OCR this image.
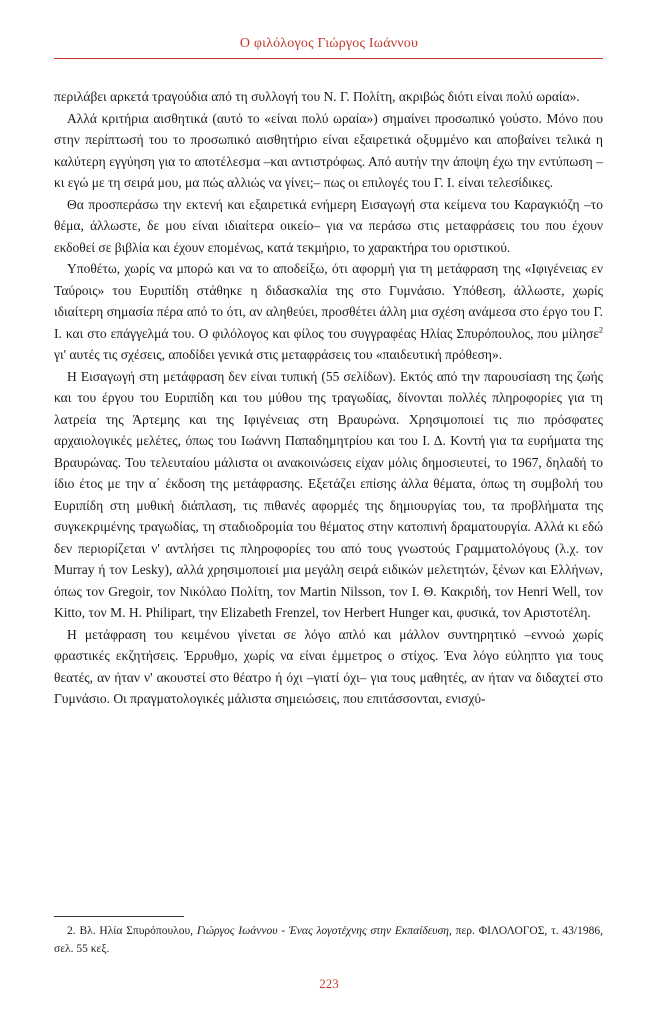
Ο φιλόλογος Γιώργος Ιωάννου

περιλάβει αρκετά τραγούδια από τη συλλογή του Ν. Γ. Πολίτη, ακριβώς διότι είναι πολύ ωραία».

Αλλά κριτήρια αισθητικά (αυτό το «είναι πολύ ωραία») σημαίνει προσωπικό γούστο. Μόνο που στην περίπτωσή του το προσωπικό αισθητήριο είναι εξαιρετικά οξυμμένο και αποβαίνει τελικά η καλύτερη εγγύηση για το αποτέλεσμα –και αντιστρόφως. Από αυτήν την άποψη έχω την εντύπωση –κι εγώ με τη σειρά μου, μα πώς αλλιώς να γίνει;– πως οι επιλογές του Γ. Ι. είναι τελεσίδικες.

Θα προσπεράσω την εκτενή και εξαιρετικά ενήμερη Εισαγωγή στα κείμενα του Καραγκιόζη –το θέμα, άλλωστε, δε μου είναι ιδιαίτερα οικείο– για να περάσω στις μεταφράσεις του που έχουν εκδοθεί σε βιβλία και έχουν επομένως, κατά τεκμήριο, το χαρακτήρα του οριστικού.

Υποθέτω, χωρίς να μπορώ και να το αποδείξω, ότι αφορμή για τη μετάφραση της «Ιφιγένειας εν Ταύροις» του Ευριπίδη στάθηκε η διδασκαλία της στο Γυμνάσιο. Υπόθεση, άλλωστε, χωρίς ιδιαίτερη σημασία πέρα από το ότι, αν αληθεύει, προσθέτει άλλη μια σχέση ανάμεσα στο έργο του Γ. Ι. και στο επάγγελμά του. Ο φιλόλογος και φίλος του συγγραφέας Ηλίας Σπυρόπουλος, που μίλησε$^2$ γι' αυτές τις σχέσεις, αποδίδει γενικά στις μεταφράσεις του «παιδευτική πρόθεση».

Η Εισαγωγή στη μετάφραση δεν είναι τυπική (55 σελίδων). Εκτός από την παρουσίαση της ζωής και του έργου του Ευριπίδη και του μύθου της τραγωδίας, δίνονται πολλές πληροφορίες για τη λατρεία της Άρτεμης και της Ιφιγένειας στη Βραυρώνα. Χρησιμοποιεί τις πιο πρόσφατες αρχαιολογικές μελέτες, όπως του Ιωάννη Παπαδημητρίου και του Ι. Δ. Κοντή για τα ευρήματα της Βραυρώνας. Του τελευταίου μάλιστα οι ανακοινώσεις είχαν μόλις δημοσιευτεί, το 1967, δηλαδή το ίδιο έτος με την α΄ έκδοση της μετάφρασης. Εξετάζει επίσης άλλα θέματα, όπως τη συμβολή του Ευριπίδη στη μυθική διάπλαση, τις πιθανές αφορμές της δημιουργίας του, τα προβλήματα της συγκεκριμένης τραγωδίας, τη σταδιοδρομία του θέματος στην κατοπινή δραματουργία. Αλλά κι εδώ δεν περιορίζεται ν' αντλήσει τις πληροφορίες του από τους γνωστούς Γραμματολόγους (λ.χ. τον Murray ή τον Lesky), αλλά χρησιμοποιεί μια μεγάλη σειρά ειδικών μελετητών, ξένων και Ελλήνων, όπως τον Gregoir, τον Νικόλαο Πολίτη, τον Martin Nilsson, τον Ι. Θ. Κακριδή, τον Henri Well, τον Kitto, τον M. H. Philipart, την Elizabeth Frenzel, τον Herbert Hunger και, φυσικά, τον Αριστοτέλη.

Η μετάφραση του κειμένου γίνεται σε λόγο απλό και μάλλον συντηρητικό –εννοώ χωρίς φραστικές εκζητήσεις. Έρρυθμο, χωρίς να είναι έμμετρος ο στίχος. Ένα λόγο εύληπτο για τους θεατές, αν ήταν ν' ακουστεί στο θέατρο ή όχι –γιατί όχι– για τους μαθητές, αν ήταν να διδαχτεί στο Γυμνάσιο. Οι πραγματολογικές μάλιστα σημειώσεις, που επιτάσσονται, ενισχύ-

2. Βλ. Ηλία Σπυρόπουλου, Γιώργος Ιωάννου - Ένας λογοτέχνης στην Εκπαίδευση, περ. ΦΙΛΟΛΟΓΟΣ, τ. 43/1986, σελ. 55 κεξ.
223
